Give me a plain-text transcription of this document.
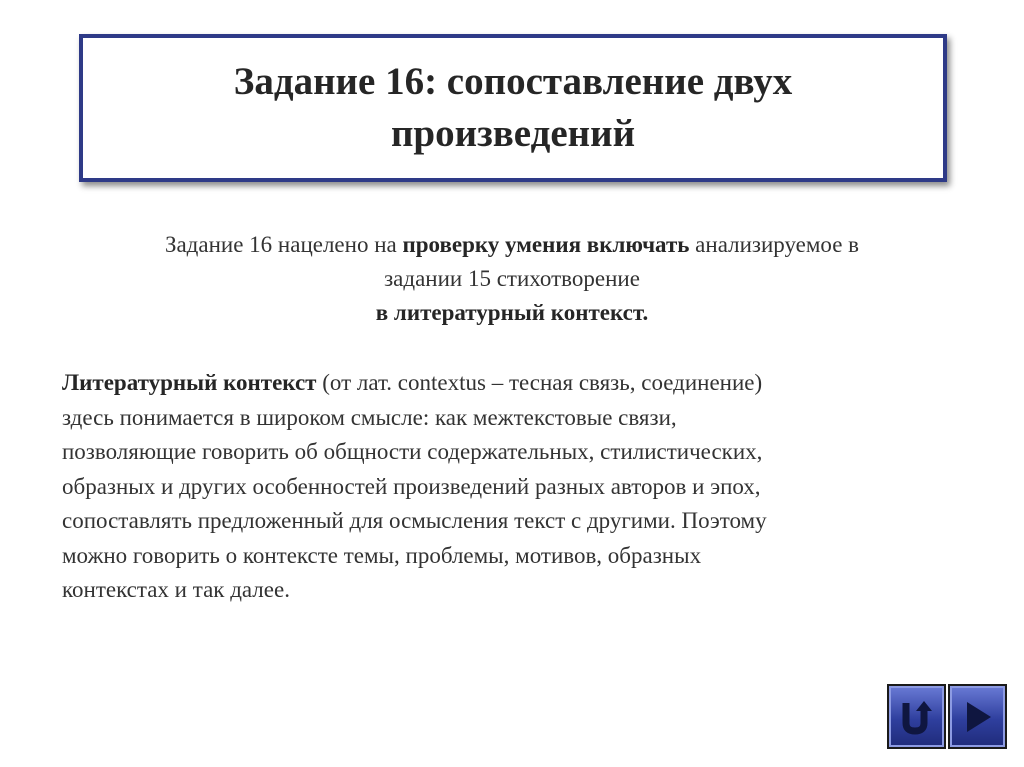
Задание 16: сопоставление двух
произведений

Задание 16 нацелено на проверку умения включать анализируемое в
задании 15 стихотворение
в литературный контекст.

Литературный контекст (от лат. contextus – тесная связь, соединение)
здесь понимается в широком смысле: как межтекстовые связи,
позволяющие говорить об общности содержательных, стилистических,
образных и других особенностей произведений разных авторов и эпох,
сопоставлять предложенный для осмысления текст с другими. Поэтому
можно говорить о контексте темы, проблемы, мотивов, образных
контекстах и так далее.
